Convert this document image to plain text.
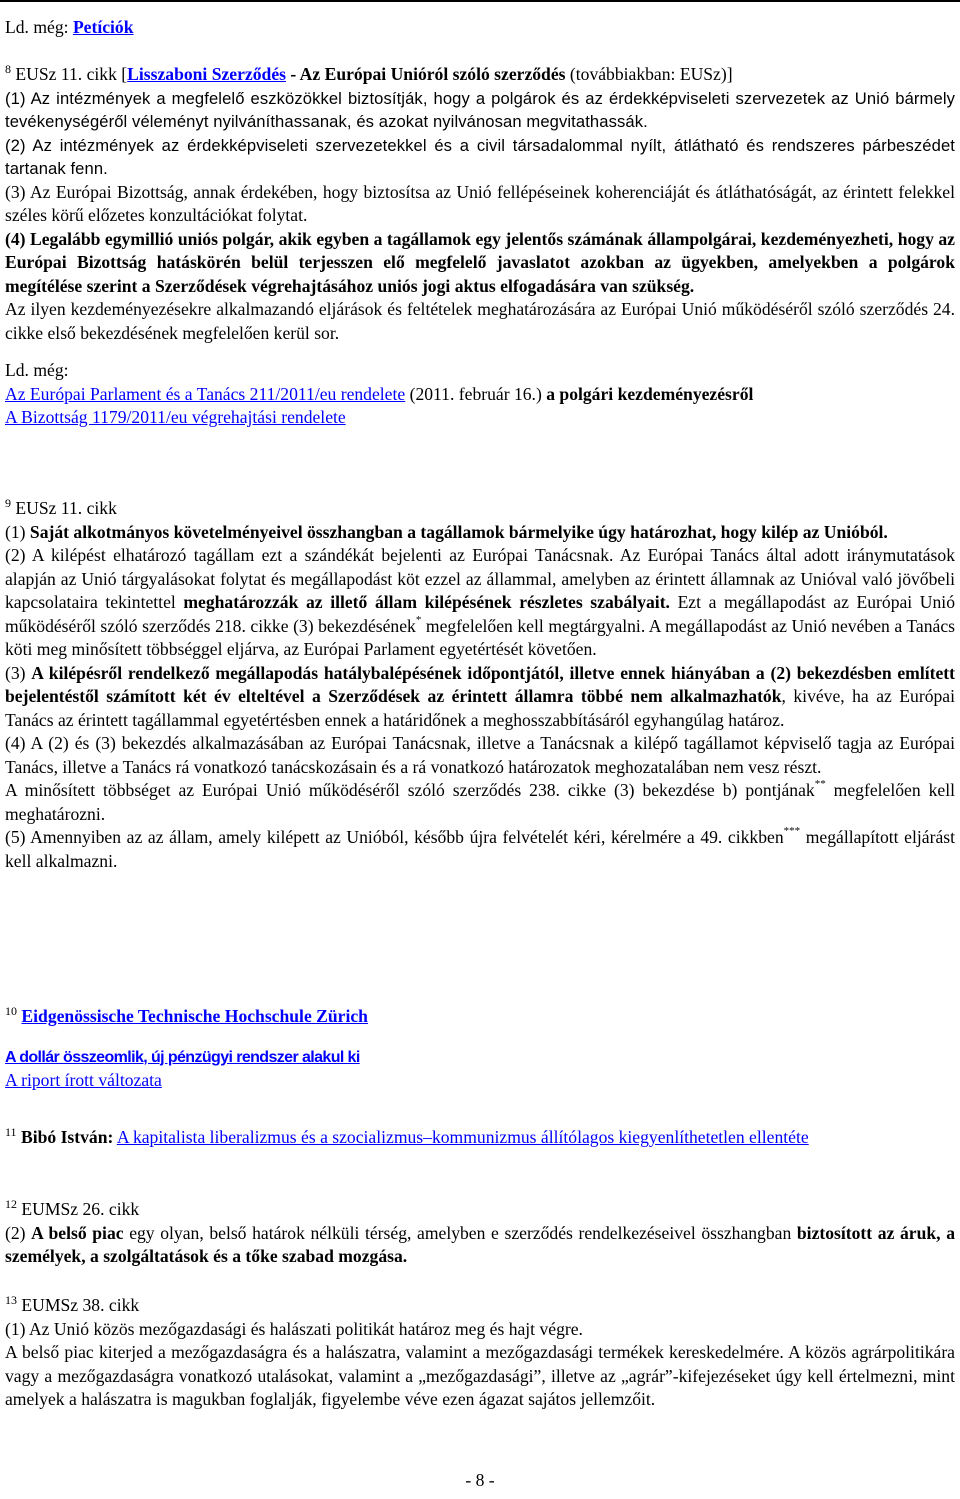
Ld. még: Petíciók

$^8$ EUSz 11. cikk [Lisszaboni Szerződés - Az Európai Unióról szóló szerződés (továbbiakban: EUSz)]

(1) Az intézmények a megfelelő eszközökkel biztosítják, hogy a polgárok és az érdekképviseleti szervezetek az Unió bármely tevékenységéről véleményt nyilváníthassanak, és azokat nyilvánosan megvitathassák.

(2) Az intézmények az érdekképviseleti szervezetekkel és a civil társadalommal nyílt, átlátható és rendszeres párbeszédet tartanak fenn.

(3) Az Európai Bizottság, annak érdekében, hogy biztosítsa az Unió fellépéseinek koherenciáját és átláthatóságát, az érintett felekkel széles körű előzetes konzultációkat folytat.

(4) Legalább egymillió uniós polgár, akik egyben a tagállamok egy jelentős számának állampolgárai, kezdeményezheti, hogy az Európai Bizottság hatáskörén belül terjesszen elő megfelelő javaslatot azokban az ügyekben, amelyekben a polgárok megítélése szerint a Szerződések végrehajtásához uniós jogi aktus elfogadására van szükség.

Az ilyen kezdeményezésekre alkalmazandó eljárások és feltételek meghatározására az Európai Unió működéséről szóló szerződés 24. cikke első bekezdésének megfelelően kerül sor.

Ld. még:

Az Európai Parlament és a Tanács 211/2011/eu rendelete (2011. február 16.) a polgári kezdeményezésről

A Bizottság 1179/2011/eu végrehajtási rendelete

$^9$ EUSz 11. cikk

(1) Saját alkotmányos követelményeivel összhangban a tagállamok bármelyike úgy határozhat, hogy kilép az Unióból.

(2) A kilépést elhatározó tagállam ezt a szándékát bejelenti az Európai Tanácsnak. Az Európai Tanács által adott iránymutatások alapján az Unió tárgyalásokat folytat és megállapodást köt ezzel az állammal, amelyben az érintett államnak az Unióval való jövőbeli kapcsolataira tekintettel meghatározzák az illető állam kilépésének részletes szabályait. Ezt a megállapodást az Európai Unió működéséről szóló szerződés 218. cikke (3) bekezdésének* megfelelően kell megtárgyalni. A megállapodást az Unió nevében a Tanács köti meg minősített többséggel eljárva, az Európai Parlament egyetértését követően.

(3) A kilépésről rendelkező megállapodás hatálybalépésének időpontjától, illetve ennek hiányában a (2) bekezdésben említett bejelentéstől számított két év elteltével a Szerződések az érintett államra többé nem alkalmazhatók, kivéve, ha az Európai Tanács az érintett tagállammal egyetértésben ennek a határidőnek a meghosszabbításáról egyhangúlag határoz.

(4) A (2) és (3) bekezdés alkalmazásában az Európai Tanácsnak, illetve a Tanácsnak a kilépő tagállamot képviselő tagja az Európai Tanács, illetve a Tanács rá vonatkozó tanácskozásain és a rá vonatkozó határozatok meghozatalában nem vesz részt.

A minősített többséget az Európai Unió működéséről szóló szerződés 238. cikke (3) bekezdése b) pontjának** megfelelően kell meghatározni.

(5) Amennyiben az az állam, amely kilépett az Unióból, később újra felvételét kéri, kérelmére a 49. cikkben*** megállapított eljárást kell alkalmazni.

$^{10}$ Eidgenössische Technische Hochschule Zürich

A dollár összeomlik, új pénzügyi rendszer alakul ki

A riport írott változata

$^{11}$ Bibó István: A kapitalista liberalizmus és a szocializmus–kommunizmus állítólagos kiegyenlíthetetlen ellentéte

$^{12}$ EUMSz 26. cikk

(2) A belső piac egy olyan, belső határok nélküli térség, amelyben e szerződés rendelkezéseivel összhangban biztosított az áruk, a személyek, a szolgáltatások és a tőke szabad mozgása.

$^{13}$ EUMSz 38. cikk

(1) Az Unió közös mezőgazdasági és halászati politikát határoz meg és hajt végre.

A belső piac kiterjed a mezőgazdaságra és a halászatra, valamint a mezőgazdasági termékek kereskedelmére. A közös agrárpolitikára vagy a mezőgazdaságra vonatkozó utalásokat, valamint a „mezőgazdasági”, illetve az „agrár”-kifejezéseket úgy kell értelmezni, mint amelyek a halászatra is magukban foglalják, figyelembe véve ezen ágazat sajátos jellemzőit.

- 8 -
